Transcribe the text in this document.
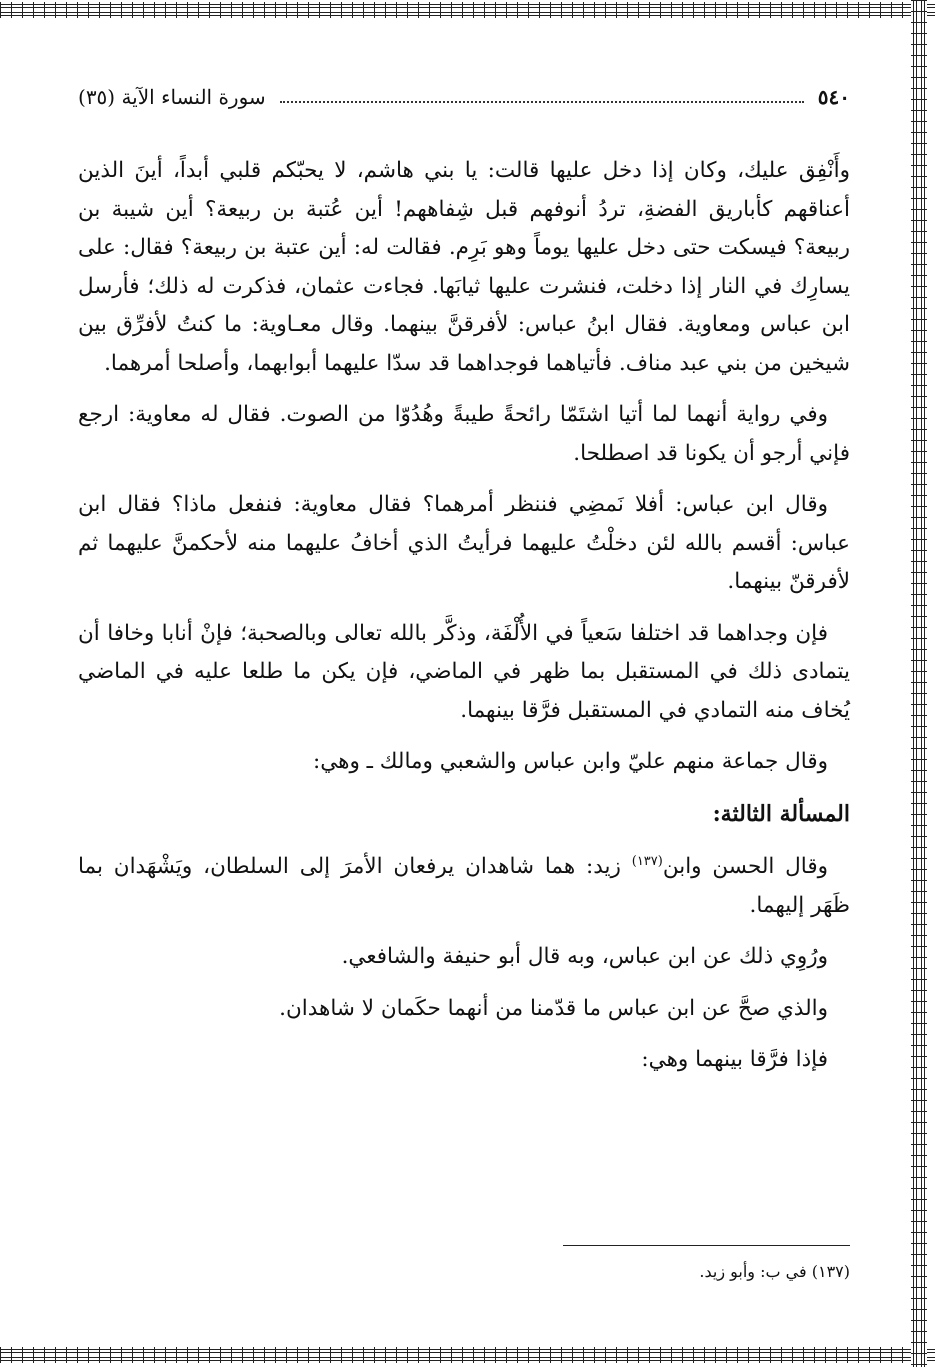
٥٤٠
سورة النساء الآية (٣٥)

وأَنْفِق عليك، وكان إذا دخل عليها قالت: يا بني هاشم، لا يحبّكم قلبي أبداً، أينَ الذين أعناقهم كأباريق الفضةِ، تردُ أنوفهم قبل شِفاههم! أين عُتبة بن ربيعة؟ أين شيبة بن ربيعة؟ فيسكت حتى دخل عليها يوماً وهو بَرِم. فقالت له: أين عتبة بن ربيعة؟ فقال: على يسارِك في النار إذا دخلت، فنشرت عليها ثيابَها. فجاءت عثمان، فذكرت له ذلك؛ فأرسل ابن عباس ومعاوية. فقال ابنُ عباس: لأفرقنَّ بينهما. وقال معـاوية: ما كنتُ لأفرِّق بين شيخين من بني عبد مناف. فأتياهما فوجداهما قد سدّا عليهما أبوابهما، وأصلحا أمرهما.

وفي رواية أنهما لما أتيا اشتَمّا رائحةً طيبةً وهُدُوّا من الصوت. فقال له معاوية: ارجع فإني أرجو أن يكونا قد اصطلحا.

وقال ابن عباس: أفلا نَمضِي فننظر أمرهما؟ فقال معاوية: فنفعل ماذا؟ فقال ابن عباس: أقسم بالله لئن دخلْتُ عليهما فرأيتُ الذي أخافُ عليهما منه لأحكمنَّ عليهما ثم لأفرقنّ بينهما.

فإن وجداهما قد اختلفا سَعياً في الأُلْفَة، وذكَّر بالله تعالى وبالصحبة؛ فإنْ أنابا وخافا أن يتمادى ذلك في المستقبل بما ظهر في الماضي، فإن يكن ما طلعا عليه في الماضي يُخاف منه التمادي في المستقبل فرَّقا بينهما.

وقال جماعة منهم عليّ وابن عباس والشعبي ومالك ـ وهي:

المسألة الثالثة:

وقال الحسن وابن$^{(١٣٧)}$ زيد: هما شاهدان يرفعان الأمرَ إلى السلطان، ويَشْهَدان بما ظَهَر إليهما.

ورُوِي ذلك عن ابن عباس، وبه قال أبو حنيفة والشافعي.

والذي صحَّ عن ابن عباس ما قدّمنا من أنهما حكَمان لا شاهدان.

فإذا فرَّقا بينهما وهي:

(١٣٧) في ب: وأبو زيد.
